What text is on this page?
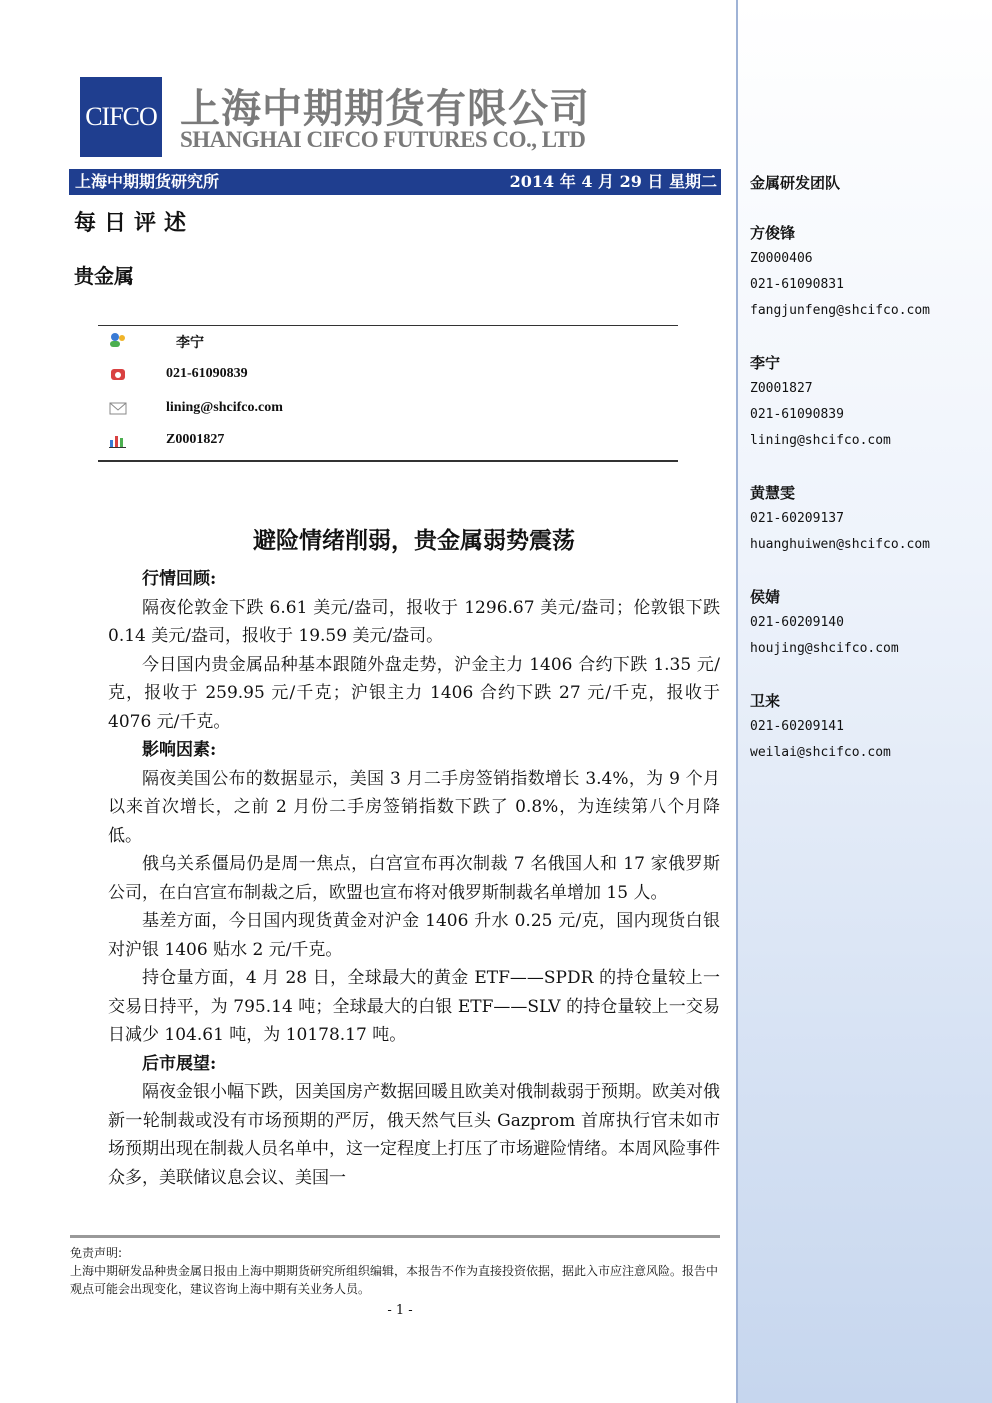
金属研发团队
方俊锋
Z0000406
021-61090831
fangjunfeng@shcifco.com
李宁
Z0001827
021-61090839
lining@shcifco.com
黄慧雯
021-60209137
huanghuiwen@shcifco.com
侯婧
021-60209140
houjing@shcifco.com
卫来
021-60209141
weilai@shcifco.com
CIFCO 上海中期期货有限公司
SHANGHAI CIFCO FUTURES CO., LTD
上海中期期货研究所	2014 年 4 月 29 日 星期二
每日评述
贵金属
李宁
021-61090839
lining@shcifco.com
Z0001827
避险情绪削弱，贵金属弱势震荡

行情回顾:

隔夜伦敦金下跌 6.61 美元/盎司，报收于 1296.67 美元/盎司；伦敦银下跌 0.14 美元/盎司，报收于 19.59 美元/盎司。

今日国内贵金属品种基本跟随外盘走势，沪金主力 1406 合约下跌 1.35 元/克，报收于 259.95 元/千克；沪银主力 1406 合约下跌 27 元/千克，报收于 4076 元/千克。

影响因素:

隔夜美国公布的数据显示，美国 3 月二手房签销指数增长 3.4%，为 9 个月以来首次增长，之前 2 月份二手房签销指数下跌了 0.8%，为连续第八个月降低。

俄乌关系僵局仍是周一焦点，白宫宣布再次制裁 7 名俄国人和 17 家俄罗斯公司，在白宫宣布制裁之后，欧盟也宣布将对俄罗斯制裁名单增加 15 人。

基差方面，今日国内现货黄金对沪金 1406 升水 0.25 元/克，国内现货白银对沪银 1406 贴水 2 元/千克。

持仓量方面，4 月 28 日，全球最大的黄金 ETF——SPDR 的持仓量较上一交易日持平，为 795.14 吨；全球最大的白银 ETF——SLV 的持仓量较上一交易日减少 104.61 吨，为 10178.17 吨。

后市展望:

隔夜金银小幅下跌，因美国房产数据回暖且欧美对俄制裁弱于预期。欧美对俄新一轮制裁或没有市场预期的严厉，俄天然气巨头 Gazprom 首席执行官未如市场预期出现在制裁人员名单中，这一定程度上打压了市场避险情绪。本周风险事件众多，美联储议息会议、美国一

免责声明:
上海中期研发品种贵金属日报由上海中期期货研究所组织编辑，本报告不作为直接投资依据，据此入市应注意风险。报告中观点可能会出现变化，建议咨询上海中期有关业务人员。
- 1 -
